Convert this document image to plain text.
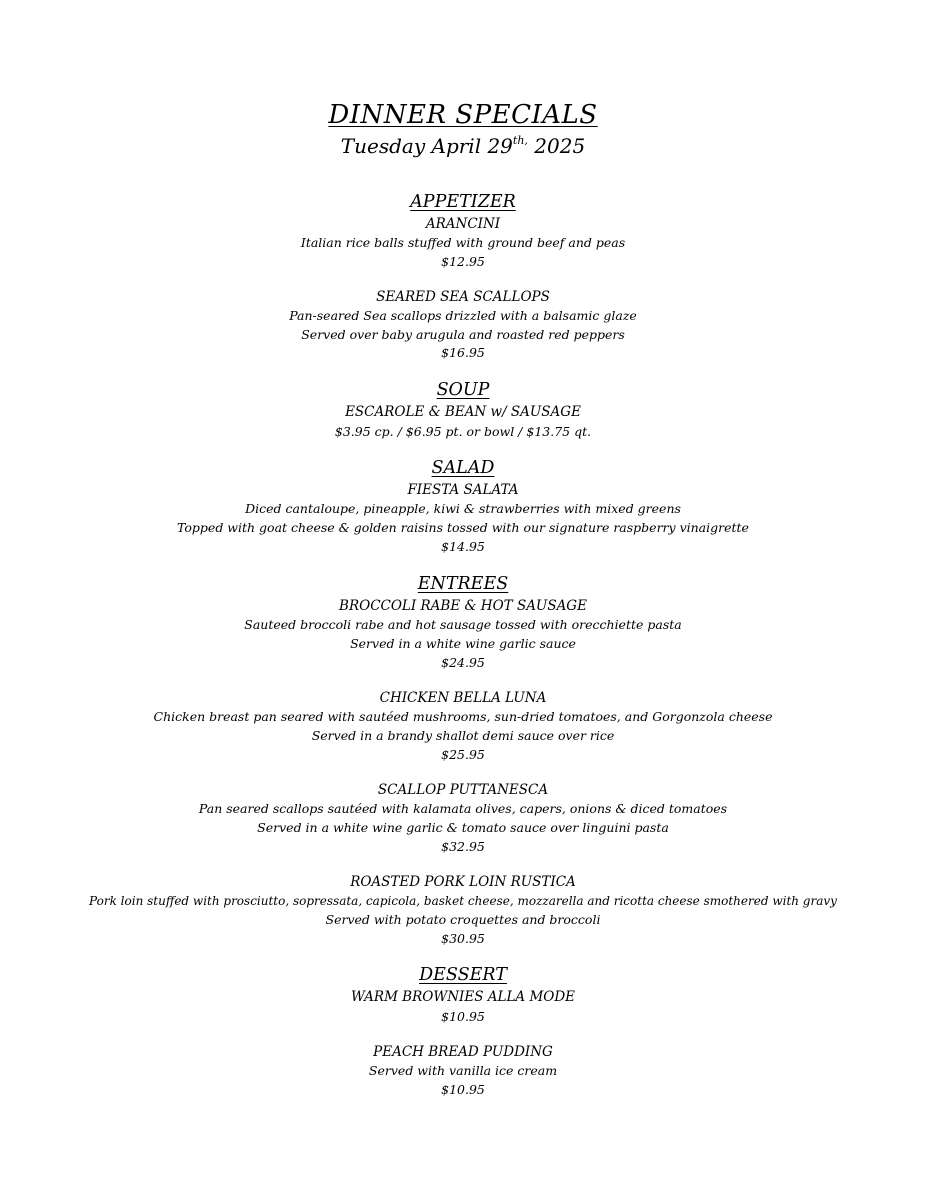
DINNER SPECIALS
Tuesday April $29^{th,}$ 2025
APPETIZER
ARANCINI
Italian rice balls stuffed with ground beef and peas
$12.95
SEARED SEA SCALLOPS
Pan-seared Sea scallops drizzled with a balsamic glaze
Served over baby arugula and roasted red peppers
$16.95
SOUP
ESCAROLE & BEAN w/ SAUSAGE
$3.95 cp. / $6.95 pt. or bowl / $13.75 qt.
SALAD
FIESTA SALATA
Diced cantaloupe, pineapple, kiwi & strawberries with mixed greens
Topped with goat cheese & golden raisins tossed with our signature raspberry vinaigrette
$14.95
ENTREES
BROCCOLI RABE & HOT SAUSAGE
Sauteed broccoli rabe and hot sausage tossed with orecchiette pasta
Served in a white wine garlic sauce
$24.95
CHICKEN BELLA LUNA
Chicken breast pan seared with sautéed mushrooms, sun-dried tomatoes, and Gorgonzola cheese
Served in a brandy shallot demi sauce over rice
$25.95
SCALLOP PUTTANESCA
Pan seared scallops sautéed with kalamata olives, capers, onions & diced tomatoes
Served in a white wine garlic & tomato sauce over linguini pasta
$32.95
ROASTED PORK LOIN RUSTICA
Pork loin stuffed with prosciutto, sopressata, capicola, basket cheese, mozzarella and ricotta cheese smothered with gravy
Served with potato croquettes and broccoli
$30.95
DESSERT
WARM BROWNIES ALLA MODE
$10.95
PEACH BREAD PUDDING
Served with vanilla ice cream
$10.95
